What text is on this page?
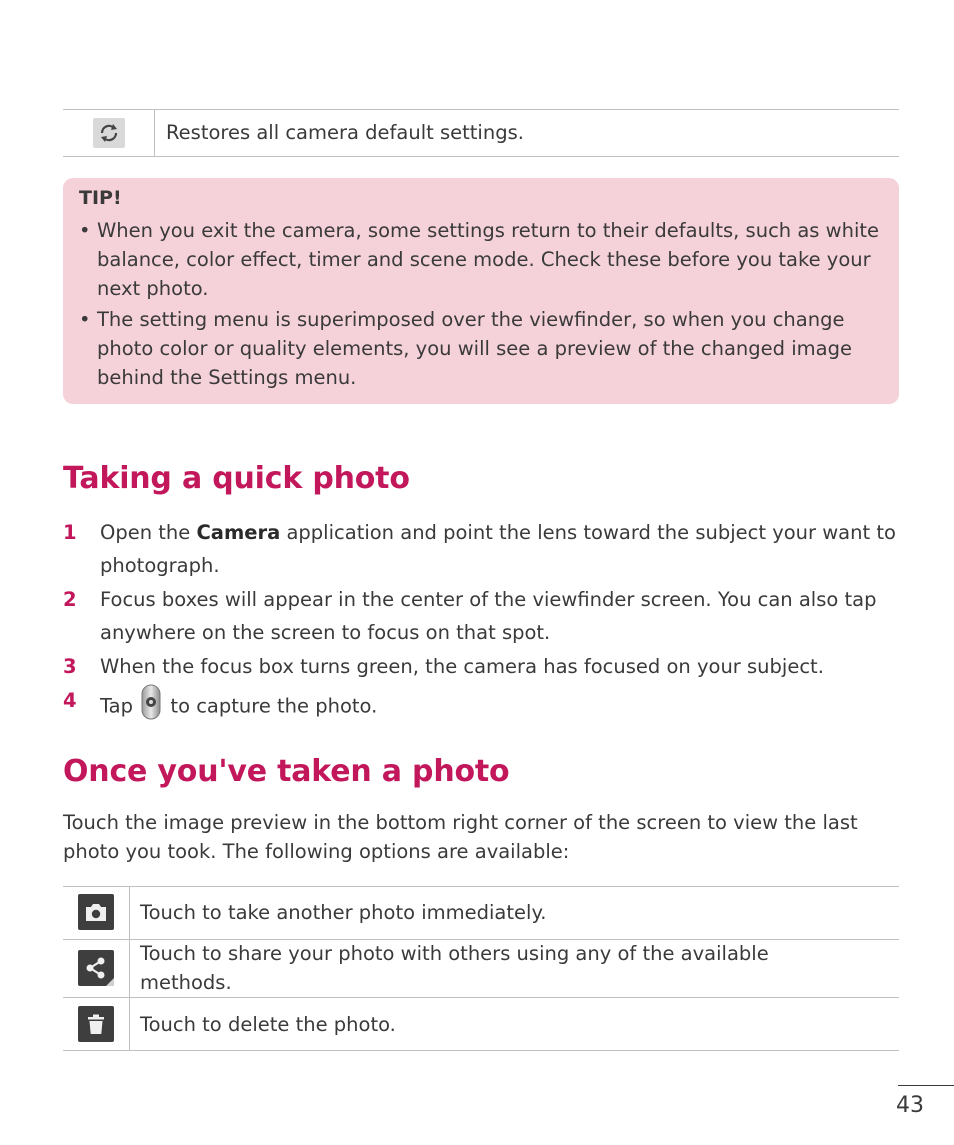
Restores all camera default settings.
TIP!
• When you exit the camera, some settings return to their defaults, such as white balance, color effect, timer and scene mode. Check these before you take your next photo.
• The setting menu is superimposed over the viewfinder, so when you change photo color or quality elements, you will see a preview of the changed image behind the Settings menu.
Taking a quick photo
1 Open the Camera application and point the lens toward the subject your want to photograph.
2 Focus boxes will appear in the center of the viewfinder screen. You can also tap anywhere on the screen to focus on that spot.
3 When the focus box turns green, the camera has focused on your subject.
4 Tap  to capture the photo.
Once you've taken a photo
Touch the image preview in the bottom right corner of the screen to view the last photo you took. The following options are available:
Touch to take another photo immediately.
Touch to share your photo with others using any of the available methods.
Touch to delete the photo.
43
